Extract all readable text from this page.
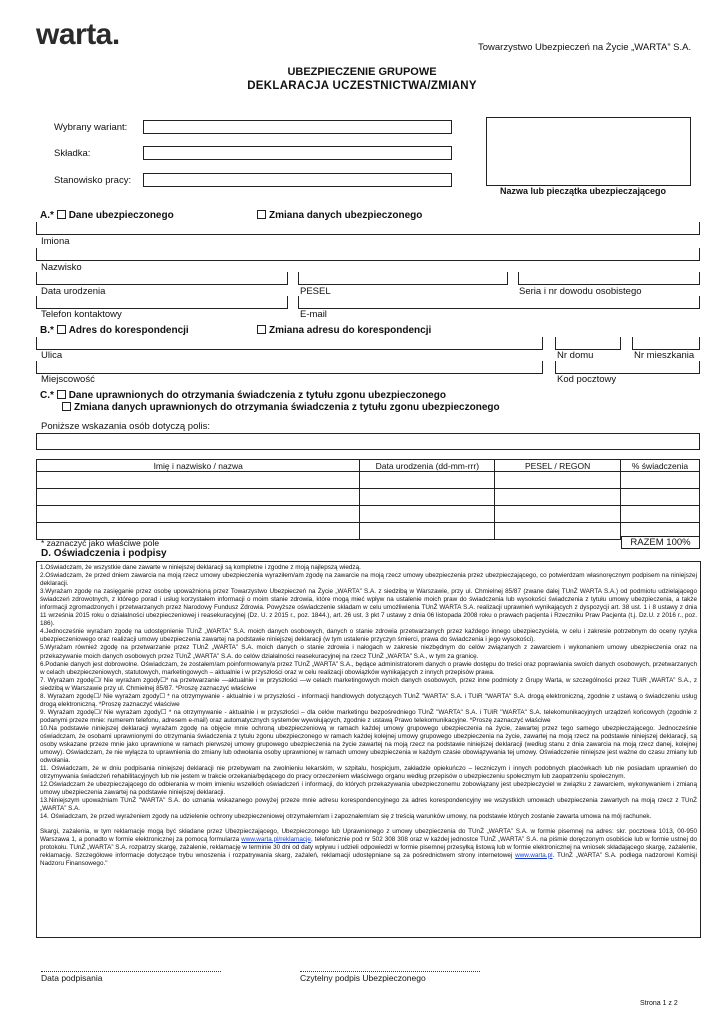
warta.	Towarzystwo Ubezpieczeń na Życie „WARTA” S.A.
UBEZPIECZENIE GRUPOWE
DEKLARACJA UCZESTNICTWA/ZMIANY
Wybrany wariant:
Składka:
Stanowisko pracy:
Nazwa lub pieczątka ubezpieczającego
A.* Dane ubezpieczonego	Zmiana danych ubezpieczonego
Imiona
Nazwisko
Data urodzenia	PESEL	Seria i nr dowodu osobistego
Telefon kontaktowy	E-mail
B.* Adres do korespondencji	Zmiana adresu do korespondencji
Ulica	Nr domu	Nr mieszkania
Miejscowość	Kod pocztowy
C.* Dane uprawnionych do otrzymania świadczenia z tytułu zgonu ubezpieczonego
Zmiana danych uprawnionych do otrzymania świadczenia z tytułu zgonu ubezpieczonego
Poniższe wskazania osób dotyczą polis:
Imię i nazwisko / nazwa	Data urodzenia (dd-mm-rrr)	PESEL / REGON	% świadczenia

* zaznaczyć jako właściwe pole	RAZEM 100%
D. Oświadczenia i podpisy

1.Oświadczam, że wszystkie dane zawarte w niniejszej deklaracji są kompletne i zgodne z moją najlepszą wiedzą.

2.Oświadczam, że przed dniem zawarcia na moją rzecz umowy ubezpieczenia wyraziłem/am zgodę na zawarcie na moją rzecz umowy ubezpieczenia przez ubezpieczającego, co potwierdzam własnoręcznym podpisem na niniejszej deklaracji.

3.Wyrażam zgodę na zasięganie przez osobę upoważnioną przez Towarzystwo Ubezpieczeń na Życie „WARTA” S.A. z siedzibą w Warszawie, przy ul. Chmielnej 85/87 (zwane dalej TUnŻ WARTA S.A.) od podmiotu udzielającego świadczeń zdrowotnych, z którego porad i usług korzystałem informacji o moim stanie zdrowia, które mogą mieć wpływ na ustalenie moich praw do świadczenia lub wysokości świadczenia z tytułu umowy ubezpieczenia, a także informacji zgromadzonych i przetwarzanych przez Narodowy Fundusz Zdrowia. Powyższe oświadczenie składam w celu umożliwienia TUnŻ WARTA S.A. realizacji uprawnień wynikających z dyspozycji art. 38 ust. 1 i 8 ustawy z dnia 11 września 2015 roku o działalności ubezpieczeniowej i reasekuracyjnej (Dz. U. z 2015 r., poz. 1844.), art. 26 ust. 3 pkt 7 ustawy z dnia 06 listopada 2008 roku o prawach pacjenta i Rzeczniku Praw Pacjenta (t.j. Dz.U. z 2016 r., poz. 186).

4.Jednocześnie wyrażam zgodę na udostępnienie TUnŻ „WARTA” S.A. moich danych osobowych, danych o stanie zdrowia przetwarzanych przez każdego innego ubezpieczyciela, w celu i zakresie potrzebnym do oceny ryzyka ubezpieczeniowego oraz realizacji umowy ubezpieczenia zawartej na podstawie niniejszej deklaracji (w tym ustalenie przyczyn śmierci, prawa do świadczenia i jego wysokości).

5.Wyrażam również zgodę na przetwarzanie przez TUnŻ „WARTA” S.A. moich danych o stanie zdrowia i nałogach w zakresie niezbędnym do celów związanych z zawarciem i wykonaniem umowy ubezpieczenia oraz na przekazywanie moich danych osobowych przez TUnŻ „WARTA” S.A. do celów działalności reasekuracyjnej na rzecz TUnŻ „WARTA” S.A., w tym za granicę.

6.Podanie danych jest dobrowolne. Oświadczam, że zostałem/am poinformowany/a przez TUnŻ „WARTA” S.A., będące administratorem danych o prawie dostępu do treści oraz poprawiania swoich danych osobowych, przetwarzanych w celach ubezpieczeniowych, statutowych, marketingowych – aktualnie i w przyszłości oraz w celu realizacji obowiązków wynikających z innych przepisów prawa.

7. Wyrażam zgodę☐/ Nie wyrażam zgody☐* na przetwarzanie —aktualnie i w przyszłości —w celach marketingowych moich danych osobowych, przez inne podmioty z Grupy Warta, w szczególności przez TUiR „WARTA” S.A., z siedzibą w Warszawie przy ul. Chmielnej 85/87. *Proszę zaznaczyć właściwe

8. Wyrażam zgodę☐/ Nie wyrażam zgody☐ * na otrzymywanie - aktualnie i w przyszłości - informacji handlowych dotyczących TUnŻ "WARTA" S.A. i TUiR "WARTA" S.A. drogą elektroniczną, zgodnie z ustawą o świadczeniu usług drogą elektroniczną. *Proszę zaznaczyć właściwe

9. Wyrażam zgodę☐/ Nie wyrażam zgody☐ * na otrzymywanie - aktualnie i w przyszłości – dla celów marketingu bezpośredniego TUnŻ "WARTA" S.A. i TUiR "WARTA" S.A. telekomunikacyjnych urządzeń końcowych (zgodnie z podanymi przeze mnie: numerem telefonu, adresem e-mail) oraz automatycznych systemów wywołujących, zgodnie z ustawą Prawo telekomunikacyjne. *Proszę zaznaczyć właściwe

10.Na podstawie niniejszej deklaracji wyrażam zgodę na objęcie mnie ochroną ubezpieczeniową w ramach każdej umowy grupowego ubezpieczenia na życie, zawartej przez tego samego ubezpieczającego. Jednocześnie oświadczam, że osobami uprawnionymi do otrzymania świadczenia z tytułu zgonu ubezpieczonego w ramach każdej kolejnej umowy grupowego ubezpieczenia na życie, zawartej na moją rzecz na podstawie niniejszej deklaracji, są osoby wskazane przeze mnie jako uprawnione w ramach pierwszej umowy grupowego ubezpieczenia na życie zawartej na moją rzecz na podstawie niniejszej deklaracji (według stanu z dnia zawarcia na moją rzecz danej, kolejnej umowy). Oświadczam, że nie wyłącza to uprawnienia do zmiany lub odwołania osoby uprawnionej w ramach umowy ubezpieczenia w każdym czasie obowiązywania tej umowy. Oświadczenie niniejsze jest ważne do czasu zmiany lub odwołania.

11. Oświadczam, że w dniu podpisania niniejszej deklaracji nie przebywam na zwolnieniu lekarskim, w szpitalu, hospicjum, zakładzie opiekuńczo – leczniczym i innych podobnych placówkach lub nie posiadam uprawnień do otrzymywania świadczeń rehabilitacyjnych lub nie jestem w trakcie orzekania/będącego do pracy orzeczeniem właściwego organu według przepisów o ubezpieczeniu społecznym lub zaopatrzeniu społecznym.

12.Oświadczam że ubezpieczającego do odbierania w moim imieniu wszelkich oświadczeń i informacji, do których przekazywania ubezpieczonemu zobowiązany jest ubezpieczyciel w związku z zawarciem, wykonywaniem i zmianą umowy ubezpieczenia zawartej na podstawie niniejszej deklaracji.

13.Niniejszym upoważniam TUnŻ "WARTA" S.A. do uznania wskazanego powyżej przeze mnie adresu korespondencyjnego za adres korespondencyjny we wszystkich umowach ubezpieczenia zawartych na moją rzecz z TUnŻ „WARTA” S.A.

14. Oświadczam, że przed wyrażeniem zgody na udzielenie ochrony ubezpieczeniowej otrzymałem/am i zapoznałem/am się z treścią warunków umowy, na podstawie których zostanie zawarta umowa na mój rachunek.

Skargi, zażalenia, w tym reklamacje mogą być składane przez Ubezpieczającego, Ubezpieczonego lub Uprawnionego z umowy ubezpieczenia do TUnŻ „WARTA” S.A. w formie pisemnej na adres: skr. pocztowa 1013, 00-950 Warszawa 1, a ponadto w formie elektronicznej za pomocą formularza www.warta.pl/reklamacje, telefonicznie pod nr 502 308 308 oraz w każdej jednostce TUnŻ „WARTA” S.A. na piśmie doręczonym osobiście lub w formie ustnej do protokołu. TUnŻ „WARTA” S.A. rozpatrzy skargę, zażalenie, reklamację w terminie 30 dni od daty wpływu i udzieli odpowiedzi w formie pisemnej przesyłką listową lub w formie elektronicznej na wniosek składającego skargę, zażalenie, reklamację. Szczegółowe informacje dotyczące trybu wnoszenia i rozpatrywania skarg, zażaleń, reklamacji udostępniane są za pośrednictwem strony internetowej www.warta.pl. TUnŻ „WARTA” S.A. podlega nadzorowi Komisji Nadzoru Finansowego."

Data podpisania	Czytelny podpis Ubezpieczonego
Strona 1 z 2
